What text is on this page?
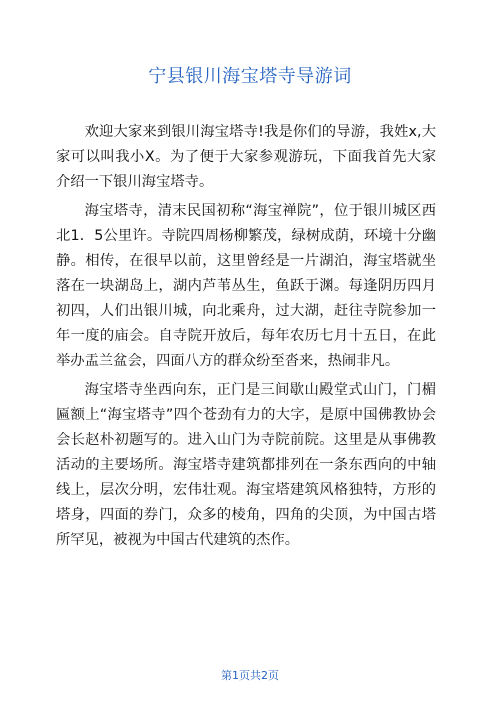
宁县银川海宝塔寺导游词

欢迎大家来到银川海宝塔寺!我是你们的导游，我姓x,大家可以叫我小X。为了便于大家参观游玩，下面我首先大家介绍一下银川海宝塔寺。

海宝塔寺，清末民国初称“海宝禅院”，位于银川城区西北1．5公里许。寺院四周杨柳繁茂，绿树成荫，环境十分幽静。相传，在很早以前，这里曾经是一片湖泊，海宝塔就坐落在一块湖岛上，湖内芦苇丛生，鱼跃于渊。每逢阴历四月初四，人们出银川城，向北乘舟，过大湖，赶往寺院参加一年一度的庙会。自寺院开放后，每年农历七月十五日，在此举办盂兰盆会，四面八方的群众纷至沓来，热闹非凡。

海宝塔寺坐西向东，正门是三间歇山殿堂式山门，门楣匾额上“海宝塔寺”四个苍劲有力的大字，是原中国佛教协会会长赵朴初题写的。进入山门为寺院前院。这里是从事佛教活动的主要场所。海宝塔寺建筑都排列在一条东西向的中轴线上，层次分明，宏伟壮观。海宝塔建筑风格独特，方形的塔身，四面的券门，众多的棱角，四角的尖顶，为中国古塔所罕见，被视为中国古代建筑的杰作。

第1页共2页
